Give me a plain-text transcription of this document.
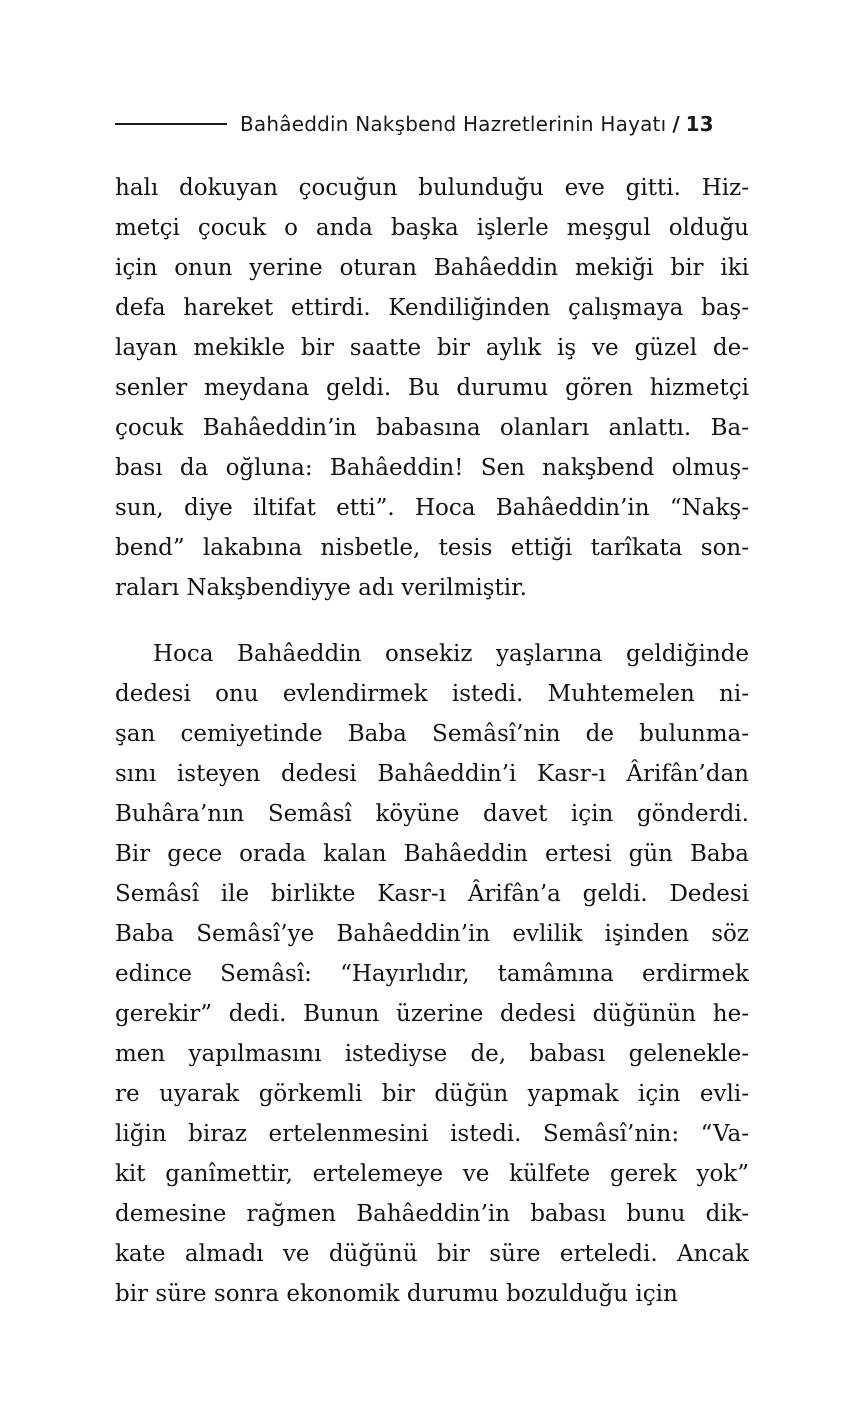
Bahâeddin Nakşbend Hazretlerinin Hayatı / 13
halı dokuyan çocuğun bulunduğu eve gitti. Hiz-
metçi çocuk o anda başka işlerle meşgul olduğu
için onun yerine oturan Bahâeddin mekiği bir iki
defa hareket ettirdi. Kendiliğinden çalışmaya baş-
layan mekikle bir saatte bir aylık iş ve güzel de-
senler meydana geldi. Bu durumu gören hizmetçi
çocuk Bahâeddin’in babasına olanları anlattı. Ba-
bası da oğluna: Bahâeddin! Sen nakşbend olmuş-
sun, diye iltifat etti”. Hoca Bahâeddin’in “Nakş-
bend” lakabına nisbetle, tesis ettiği tarîkata son-
raları Nakşbendiyye adı verilmiştir.
Hoca Bahâeddin onsekiz yaşlarına geldiğinde
dedesi onu evlendirmek istedi. Muhtemelen ni-
şan cemiyetinde Baba Semâsî’nin de bulunma-
sını isteyen dedesi Bahâeddin’i Kasr-ı Ârifân’dan
Buhâra’nın Semâsî köyüne davet için gönderdi.
Bir gece orada kalan Bahâeddin ertesi gün Baba
Semâsî ile birlikte Kasr-ı Ârifân’a geldi. Dedesi
Baba Semâsî’ye Bahâeddin’in evlilik işinden söz
edince Semâsî: “Hayırlıdır, tamâmına erdirmek
gerekir” dedi. Bunun üzerine dedesi düğünün he-
men yapılmasını istediyse de, babası gelenekle-
re uyarak görkemli bir düğün yapmak için evli-
liğin biraz ertelenmesini istedi. Semâsî’nin: “Va-
kit ganîmettir, ertelemeye ve külfete gerek yok”
demesine rağmen Bahâeddin’in babası bunu dik-
kate almadı ve düğünü bir süre erteledi. Ancak
bir süre sonra ekonomik durumu bozulduğu için
